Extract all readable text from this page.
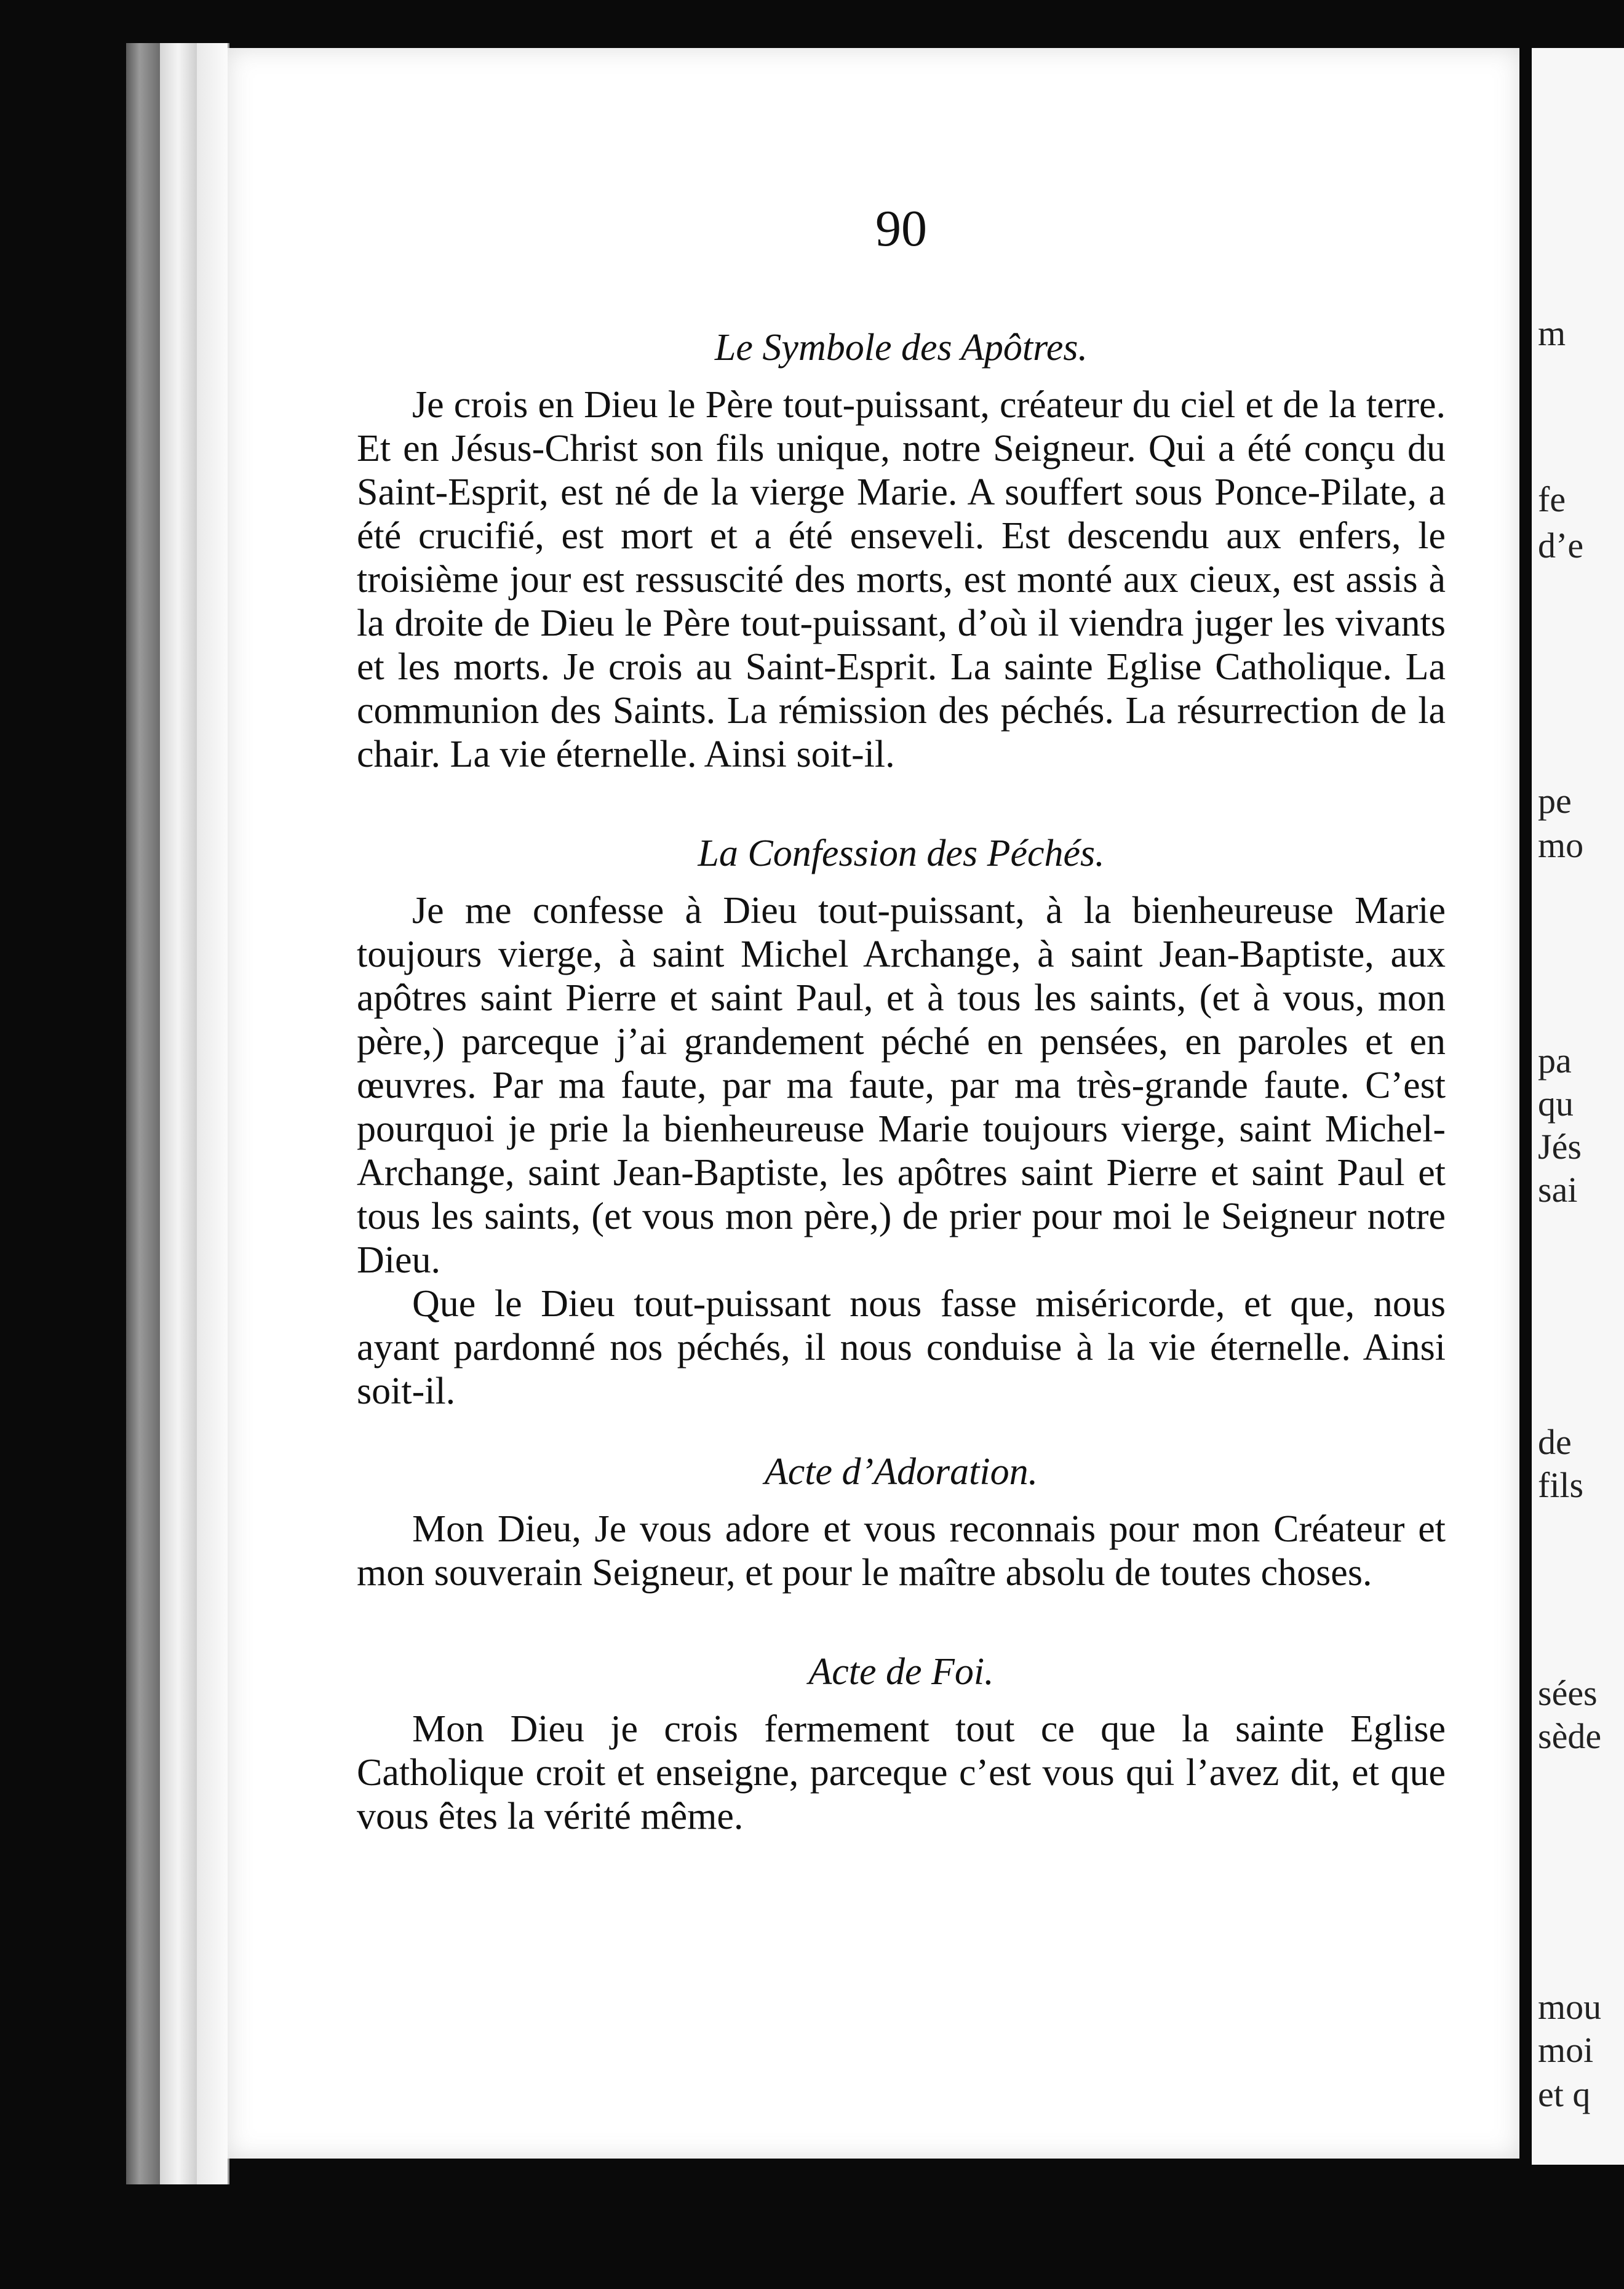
90
Le Symbole des Apôtres.

Je crois en Dieu le Père tout-puissant, créateur du ciel et de la terre. Et en Jésus-Christ son fils unique, notre Seigneur. Qui a été conçu du Saint-Esprit, est né de la vierge Marie. A souffert sous Ponce-Pilate, a été crucifié, est mort et a été enseveli. Est descendu aux enfers, le troisième jour est ressuscité des morts, est monté aux cieux, est assis à la droite de Dieu le Père tout-puissant, d’où il viendra juger les vivants et les morts. Je crois au Saint-Esprit. La sainte Eglise Catholique. La communion des Saints. La rémission des péchés. La résurrection de la chair. La vie éternelle. Ainsi soit-il.

La Confession des Péchés.

Je me confesse à Dieu tout-puissant, à la bienheureuse Marie toujours vierge, à saint Michel Archange, à saint Jean-Baptiste, aux apôtres saint Pierre et saint Paul, et à tous les saints, (et à vous, mon père,) parceque j’ai grandement péché en pensées, en paroles et en œuvres. Par ma faute, par ma faute, par ma très-grande faute. C’est pourquoi je prie la bienheureuse Marie toujours vierge, saint Michel-Archange, saint Jean-Baptiste, les apôtres saint Pierre et saint Paul et tous les saints, (et vous mon père,) de prier pour moi le Seigneur notre Dieu.

Que le Dieu tout-puissant nous fasse miséricorde, et que, nous ayant pardonné nos péchés, il nous conduise à la vie éternelle. Ainsi soit-il.

Acte d’Adoration.

Mon Dieu, Je vous adore et vous reconnais pour mon Créateur et mon souverain Seigneur, et pour le maître absolu de toutes choses.

Acte de Foi.

Mon Dieu je crois fermement tout ce que la sainte Eglise Catholique croit et enseigne, parceque c’est vous qui l’avez dit, et que vous êtes la vérité même.

m
fe
d’e
pe
mo
pa
qu
Jés
sai
de
fils
sées
sède
mou
moi
et q
